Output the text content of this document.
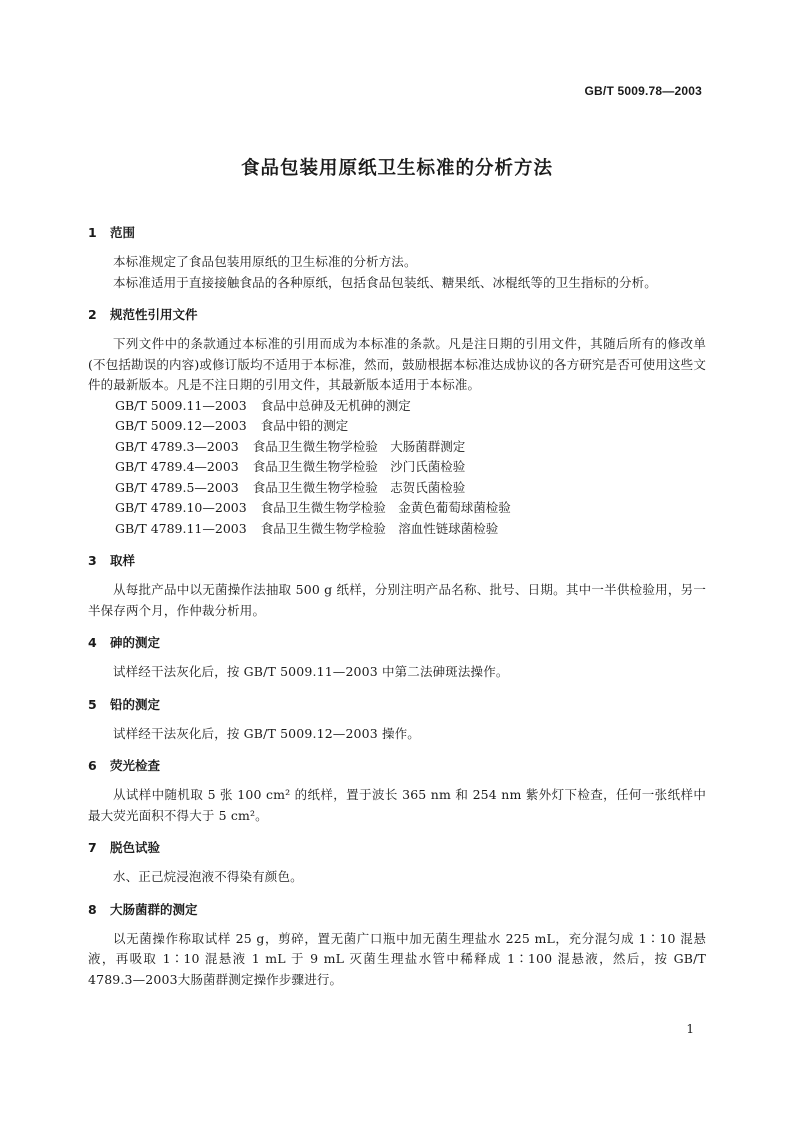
GB/T 5009.78—2003
食品包装用原纸卫生标准的分析方法
1 范围

本标准规定了食品包装用原纸的卫生标准的分析方法。

本标准适用于直接接触食品的各种原纸，包括食品包装纸、糖果纸、冰棍纸等的卫生指标的分析。

2 规范性引用文件

下列文件中的条款通过本标准的引用而成为本标准的条款。凡是注日期的引用文件，其随后所有的修改单(不包括勘误的内容)或修订版均不适用于本标准，然而，鼓励根据本标准达成协议的各方研究是否可使用这些文件的最新版本。凡是不注日期的引用文件，其最新版本适用于本标准。

GB/T 5009.11—2003 食品中总砷及无机砷的测定
GB/T 5009.12—2003 食品中铅的测定
GB/T 4789.3—2003 食品卫生微生物学检验　大肠菌群测定
GB/T 4789.4—2003 食品卫生微生物学检验　沙门氏菌检验
GB/T 4789.5—2003 食品卫生微生物学检验　志贺氏菌检验
GB/T 4789.10—2003 食品卫生微生物学检验　金黄色葡萄球菌检验
GB/T 4789.11—2003 食品卫生微生物学检验　溶血性链球菌检验
3 取样

从每批产品中以无菌操作法抽取 500 g 纸样，分别注明产品名称、批号、日期。其中一半供检验用，另一半保存两个月，作仲裁分析用。

4 砷的测定

试样经干法灰化后，按 GB/T 5009.11—2003 中第二法砷斑法操作。

5 铅的测定

试样经干法灰化后，按 GB/T 5009.12—2003 操作。

6 荧光检查

从试样中随机取 5 张 100 cm² 的纸样，置于波长 365 nm 和 254 nm 紫外灯下检查，任何一张纸样中最大荧光面积不得大于 5 cm²。

7 脱色试验

水、正己烷浸泡液不得染有颜色。

8 大肠菌群的测定

以无菌操作称取试样 25 g，剪碎，置无菌广口瓶中加无菌生理盐水 225 mL，充分混匀成 1∶10 混悬液，再吸取 1∶10 混悬液 1 mL 于 9 mL 灭菌生理盐水管中稀释成 1∶100 混悬液，然后，按 GB/T 4789.3—2003大肠菌群测定操作步骤进行。

1
